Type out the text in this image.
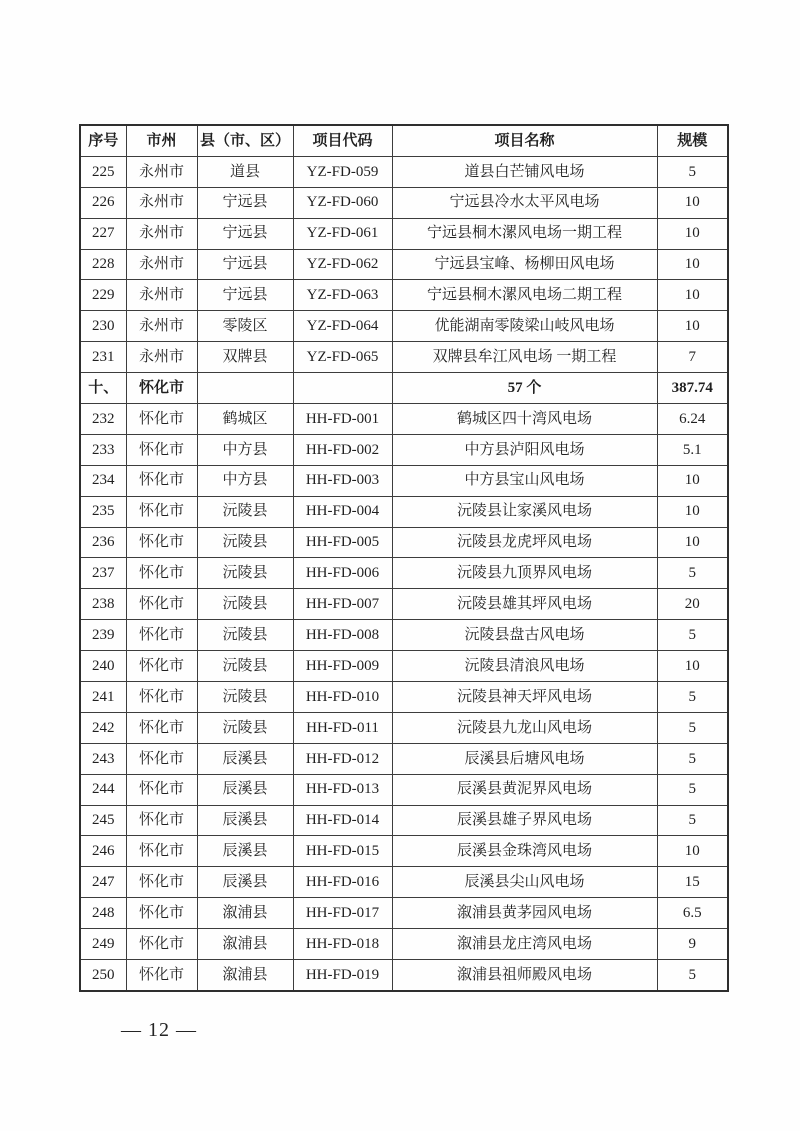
序号	市州	县（市、区）	项目代码	项目名称	规模
225	永州市	道县	YZ-FD-059	道县白芒铺风电场	5
226	永州市	宁远县	YZ-FD-060	宁远县冷水太平风电场	10
227	永州市	宁远县	YZ-FD-061	宁远县桐木漯风电场一期工程	10
228	永州市	宁远县	YZ-FD-062	宁远县宝峰、杨柳田风电场	10
229	永州市	宁远县	YZ-FD-063	宁远县桐木漯风电场二期工程	10
230	永州市	零陵区	YZ-FD-064	优能湖南零陵梁山岐风电场	10
231	永州市	双牌县	YZ-FD-065	双牌县牟江风电场 一期工程	7
十、	怀化市			57 个	387.74
232	怀化市	鹤城区	HH-FD-001	鹤城区四十湾风电场	6.24
233	怀化市	中方县	HH-FD-002	中方县泸阳风电场	5.1
234	怀化市	中方县	HH-FD-003	中方县宝山风电场	10
235	怀化市	沅陵县	HH-FD-004	沅陵县让家溪风电场	10
236	怀化市	沅陵县	HH-FD-005	沅陵县龙虎坪风电场	10
237	怀化市	沅陵县	HH-FD-006	沅陵县九顶界风电场	5
238	怀化市	沅陵县	HH-FD-007	沅陵县雄其坪风电场	20
239	怀化市	沅陵县	HH-FD-008	沅陵县盘古风电场	5
240	怀化市	沅陵县	HH-FD-009	沅陵县清浪风电场	10
241	怀化市	沅陵县	HH-FD-010	沅陵县神天坪风电场	5
242	怀化市	沅陵县	HH-FD-011	沅陵县九龙山风电场	5
243	怀化市	辰溪县	HH-FD-012	辰溪县后塘风电场	5
244	怀化市	辰溪县	HH-FD-013	辰溪县黄泥界风电场	5
245	怀化市	辰溪县	HH-FD-014	辰溪县雄子界风电场	5
246	怀化市	辰溪县	HH-FD-015	辰溪县金珠湾风电场	10
247	怀化市	辰溪县	HH-FD-016	辰溪县尖山风电场	15
248	怀化市	溆浦县	HH-FD-017	溆浦县黄茅园风电场	6.5
249	怀化市	溆浦县	HH-FD-018	溆浦县龙庄湾风电场	9
250	怀化市	溆浦县	HH-FD-019	溆浦县祖师殿风电场	5
— 12 —
